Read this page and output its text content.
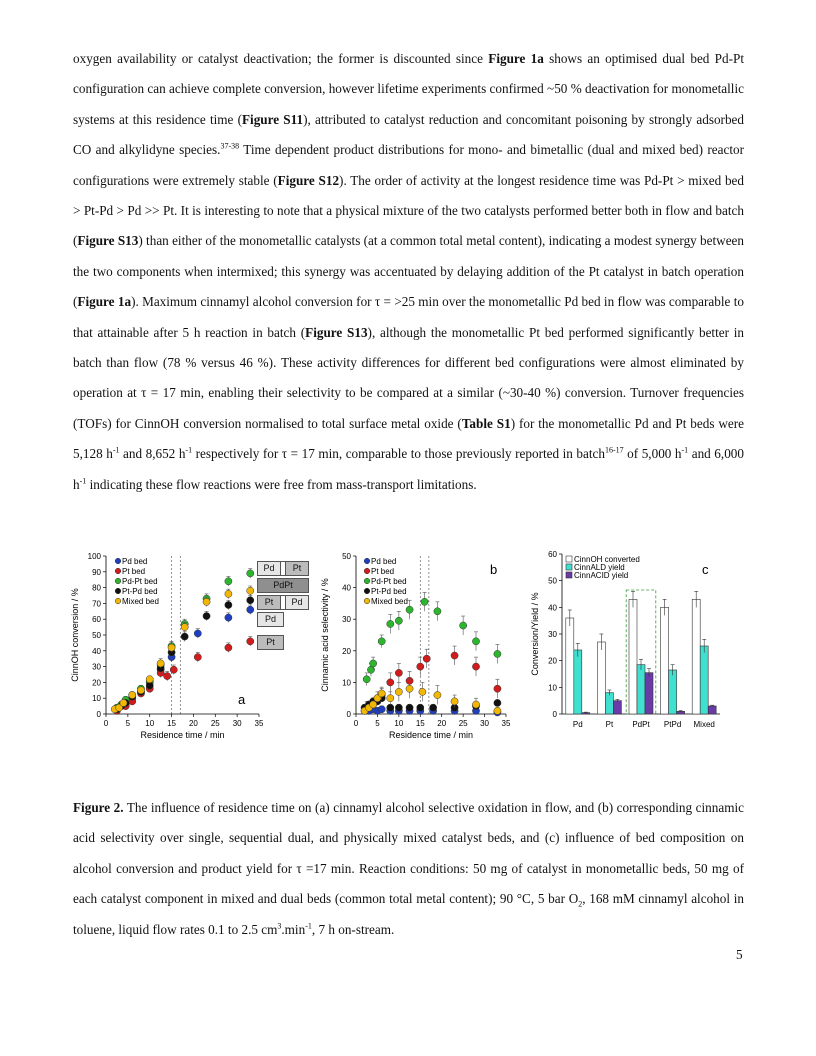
oxygen availability or catalyst deactivation; the former is discounted since Figure 1a shows an optimised dual bed Pd-Pt configuration can achieve complete conversion, however lifetime experiments confirmed ~50 % deactivation for monometallic systems at this residence time (Figure S11), attributed to catalyst reduction and concomitant poisoning by strongly adsorbed CO and alkylidyne species.$^{37-38}$ Time dependent product distributions for mono- and bimetallic (dual and mixed bed) reactor configurations were extremely stable (Figure S12). The order of activity at the longest residence time was Pd-Pt > mixed bed > Pt-Pd > Pd >> Pt. It is interesting to note that a physical mixture of the two catalysts performed better both in flow and batch (Figure S13) than either of the monometallic catalysts (at a common total metal content), indicating a modest synergy between the two components when intermixed; this synergy was accentuated by delaying addition of the Pt catalyst in batch operation (Figure 1a). Maximum cinnamyl alcohol conversion for τ = >25 min over the monometallic Pd bed in flow was comparable to that attainable after 5 h reaction in batch (Figure S13), although the monometallic Pt bed performed significantly better in batch than flow (78 % versus 46 %). These activity differences for different bed configurations were almost eliminated by operation at τ = 17 min, enabling their selectivity to be compared at a similar (~30-40 %) conversion. Turnover frequencies (TOFs) for CinnOH conversion normalised to total surface metal oxide (Table S1) for the monometallic Pd and Pt beds were 5,128 $h^{-1}$ and 8,652 $h^{-1}$ respectively for τ = 17 min, comparable to those previously reported in batch$^{16-17}$ of 5,000 $h^{-1}$ and 6,000 $h^{-1}$ indicating these flow reactions were free from mass-transport limitations.
0
10
20
30
40
50
60
70
80
90
100
0 5 10 15 20 25 30 35
Residence time / min
CinnOH conversion / %
Pd bed
Pt bed
Pd-Pt bed
Pt-Pd bed
Mixed bed
a
Pd	Pt
PdPt
Pt	Pd
Pd
Pt
0
10
20
30
40
50
0 5 10 15 20 25 30 35
Residence time / min
Cinnamic acid selectivity / %
Pd bed
Pt bed
Pd-Pt bed
Pt-Pd bed
Mixed bed
b
0
10
20
30
40
50
60
Conversion/Yield / %
Pd	Pt PdPt PtPd Mixed
CinnOH converted
CinnALD yield
CinnACID yield	c
Figure 2. The influence of residence time on (a) cinnamyl alcohol selective oxidation in flow, and (b) corresponding cinnamic acid selectivity over single, sequential dual, and physically mixed catalyst beds, and (c) influence of bed composition on alcohol conversion and product yield for τ =17 min. Reaction conditions: 50 mg of catalyst in monometallic beds, 50 mg of each catalyst component in mixed and dual beds (common total metal content); 90 °C, 5 bar $O_2$, 168 mM cinnamyl alcohol in toluene, liquid flow rates 0.1 to 2.5 $cm^3.\min^{-1}$, 7 h on-stream.
5
